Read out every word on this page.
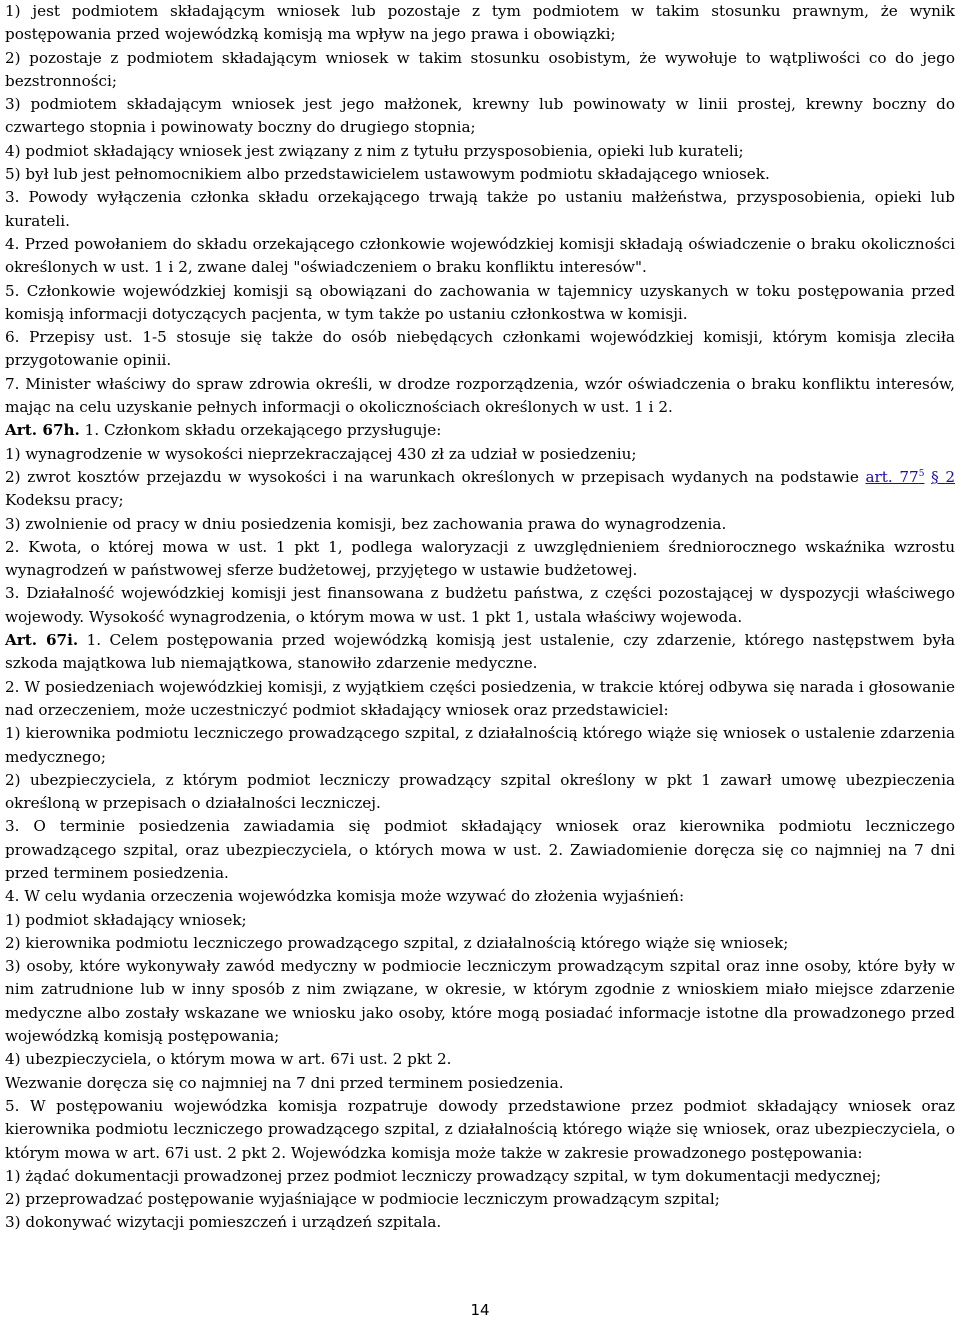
1) jest podmiotem składającym wniosek lub pozostaje z tym podmiotem w takim stosunku prawnym, że wynik postępowania przed wojewódzką komisją ma wpływ na jego prawa i obowiązki;

2) pozostaje z podmiotem składającym wniosek w takim stosunku osobistym, że wywołuje to wątpliwości co do jego bezstronności;

3) podmiotem składającym wniosek jest jego małżonek, krewny lub powinowaty w linii prostej, krewny boczny do czwartego stopnia i powinowaty boczny do drugiego stopnia;

4) podmiot składający wniosek jest związany z nim z tytułu przysposobienia, opieki lub kurateli;

5) był lub jest pełnomocnikiem albo przedstawicielem ustawowym podmiotu składającego wniosek.

3. Powody wyłączenia członka składu orzekającego trwają także po ustaniu małżeństwa, przysposobienia, opieki lub kurateli.

4. Przed powołaniem do składu orzekającego członkowie wojewódzkiej komisji składają oświadczenie o braku okoliczności określonych w ust. 1 i 2, zwane dalej "oświadczeniem o braku konfliktu interesów".

5. Członkowie wojewódzkiej komisji są obowiązani do zachowania w tajemnicy uzyskanych w toku postępowania przed komisją informacji dotyczących pacjenta, w tym także po ustaniu członkostwa w komisji.

6. Przepisy ust. 1-5 stosuje się także do osób niebędących członkami wojewódzkiej komisji, którym komisja zleciła przygotowanie opinii.

7. Minister właściwy do spraw zdrowia określi, w drodze rozporządzenia, wzór oświadczenia o braku konfliktu interesów, mając na celu uzyskanie pełnych informacji o okolicznościach określonych w ust. 1 i 2.

Art. 67h. 1. Członkom składu orzekającego przysługuje:

1) wynagrodzenie w wysokości nieprzekraczającej 430 zł za udział w posiedzeniu;

2) zwrot kosztów przejazdu w wysokości i na warunkach określonych w przepisach wydanych na podstawie art. 77$^5$ § 2 Kodeksu pracy;

3) zwolnienie od pracy w dniu posiedzenia komisji, bez zachowania prawa do wynagrodzenia.

2. Kwota, o której mowa w ust. 1 pkt 1, podlega waloryzacji z uwzględnieniem średniorocznego wskaźnika wzrostu wynagrodzeń w państwowej sferze budżetowej, przyjętego w ustawie budżetowej.

3. Działalność wojewódzkiej komisji jest finansowana z budżetu państwa, z części pozostającej w dyspozycji właściwego wojewody. Wysokość wynagrodzenia, o którym mowa w ust. 1 pkt 1, ustala właściwy wojewoda.

Art. 67i. 1. Celem postępowania przed wojewódzką komisją jest ustalenie, czy zdarzenie, którego następstwem była szkoda majątkowa lub niemajątkowa, stanowiło zdarzenie medyczne.

2. W posiedzeniach wojewódzkiej komisji, z wyjątkiem części posiedzenia, w trakcie której odbywa się narada i głosowanie nad orzeczeniem, może uczestniczyć podmiot składający wniosek oraz przedstawiciel:

1) kierownika podmiotu leczniczego prowadzącego szpital, z działalnością którego wiąże się wniosek o ustalenie zdarzenia medycznego;

2) ubezpieczyciela, z którym podmiot leczniczy prowadzący szpital określony w pkt 1 zawarł umowę ubezpieczenia określoną w przepisach o działalności leczniczej.

3. O terminie posiedzenia zawiadamia się podmiot składający wniosek oraz kierownika podmiotu leczniczego prowadzącego szpital, oraz ubezpieczyciela, o których mowa w ust. 2. Zawiadomienie doręcza się co najmniej na 7 dni przed terminem posiedzenia.

4. W celu wydania orzeczenia wojewódzka komisja może wzywać do złożenia wyjaśnień:

1) podmiot składający wniosek;

2) kierownika podmiotu leczniczego prowadzącego szpital, z działalnością którego wiąże się wniosek;

3) osoby, które wykonywały zawód medyczny w podmiocie leczniczym prowadzącym szpital oraz inne osoby, które były w nim zatrudnione lub w inny sposób z nim związane, w okresie, w którym zgodnie z wnioskiem miało miejsce zdarzenie medyczne albo zostały wskazane we wniosku jako osoby, które mogą posiadać informacje istotne dla prowadzonego przed wojewódzką komisją postępowania;

4) ubezpieczyciela, o którym mowa w art. 67i ust. 2 pkt 2.

Wezwanie doręcza się co najmniej na 7 dni przed terminem posiedzenia.

5. W postępowaniu wojewódzka komisja rozpatruje dowody przedstawione przez podmiot składający wniosek oraz kierownika podmiotu leczniczego prowadzącego szpital, z działalnością którego wiąże się wniosek, oraz ubezpieczyciela, o którym mowa w art. 67i ust. 2 pkt 2. Wojewódzka komisja może także w zakresie prowadzonego postępowania:

1) żądać dokumentacji prowadzonej przez podmiot leczniczy prowadzący szpital, w tym dokumentacji medycznej;

2) przeprowadzać postępowanie wyjaśniające w podmiocie leczniczym prowadzącym szpital;

3) dokonywać wizytacji pomieszczeń i urządzeń szpitala.

14
